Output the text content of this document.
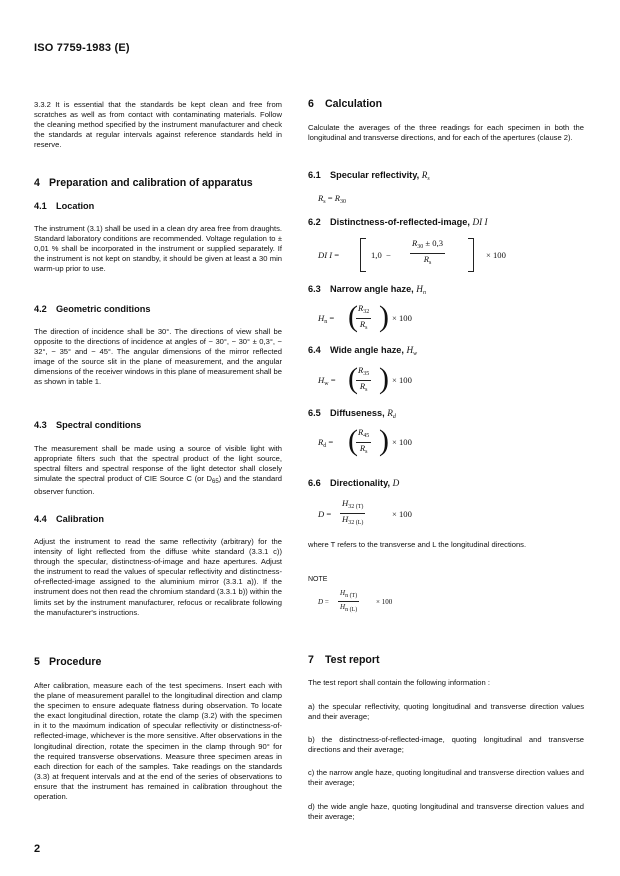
ISO 7759-1983 (E)

3.3.2 It is essential that the standards be kept clean and free from scratches as well as from contact with contaminating materials. Follow the cleaning method specified by the instrument manufacturer and check the standards at regular intervals against reference standards held in reserve.

4 Preparation and calibration of apparatus
4.1 Location

The instrument (3.1) shall be used in a clean dry area free from draughts. Standard laboratory conditions are recommended. Voltage regulation to ± 0,01 % shall be incorporated in the instrument or supplied separately. If the instrument is not kept on standby, it should be given at least a 30 min warm-up prior to use.

4.2 Geometric conditions

The direction of incidence shall be 30°. The directions of view shall be opposite to the directions of incidence at angles of − 30°, − 30° ± 0,3°, − 32°, − 35° and − 45°. The angular dimensions of the mirror reflected image of the source slit in the plane of measurement, and the angular dimensions of the receiver windows in this plane of measurement shall be as shown in table 1.

4.3 Spectral conditions

The measurement shall be made using a source of visible light with appropriate filters such that the spectral product of the light source, spectral filters and spectral response of the light detector shall closely simulate the spectral product of CIE Source C (or $D_{65}$) and the standard observer function.

4.4 Calibration

Adjust the instrument to read the same reflectivity (arbitrary) for the intensity of light reflected from the diffuse white standard (3.3.1 c)) through the specular, distinctness-of-image and haze apertures. Adjust the instrument to read the values of specular reflectivity and distinctness-of-reflected-image assigned to the aluminium mirror (3.3.1 a)). If the instrument does not then read the chromium standard (3.3.1 b)) within the limits set by the instrument manufacturer, refocus or recalibrate following the manufacturer's instructions.

5 Procedure

After calibration, measure each of the test specimens. Insert each with the plane of measurement parallel to the longitudinal direction and clamp the specimen to ensure adequate flatness during observation. To locate the exact longitudinal direction, rotate the clamp (3.2) with the specimen in it to the maximum indication of specular reflectivity or distinctness-of-reflected-image, whichever is the more sensitive. After observations in the longitudinal direction, rotate the specimen in the clamp through 90° for the required transverse observations. Measure three specimen areas in each direction for each of the samples. Take readings on the standards (3.3) at frequent intervals and at the end of the series of observations to ensure that the instrument has remained in calibration throughout the operation.

6 Calculation

Calculate the averages of the three readings for each specimen in both the longitudinal and transverse directions, and for each of the apertures (clause 2).

6.1 Specular reflectivity, $R_s$
$R_s = R_{30}$
6.2 Distinctness-of-reflected-image, DI I
DI I =	$1,0 - \frac{R_{30} \pm 0,3}{R_s}$	× 100
6.3 Narrow angle haze, $H_n$
$H_n$ = (
$\frac{R_{32}}{R_s}$ ) × 100
6.4 Wide angle haze, $H_w$
$H_w$ = (
$\frac{R_{35}}{R_s}$ ) × 100
6.5 Diffuseness, $R_d$
$R_d$ = (
$\frac{R_{45}}{R_s}$ ) × 100
6.6 Directionality, D
$D = \frac{H_{32 (T)}}{H_{32 (L)}}$	× 100

where T refers to the transverse and L the longitudinal directions.

NOTE
$D = \frac{H_{n (T)}}{H_{n (L)}} \times 100$
7 Test report

The test report shall contain the following information :

a) the specular reflectivity, quoting longitudinal and transverse direction values and their average;

b) the distinctness-of-reflected-image, quoting longitudinal and transverse directions and their average;

c) the narrow angle haze, quoting longitudinal and transverse direction values and their average;

d) the wide angle haze, quoting longitudinal and transverse direction values and their average;

2
